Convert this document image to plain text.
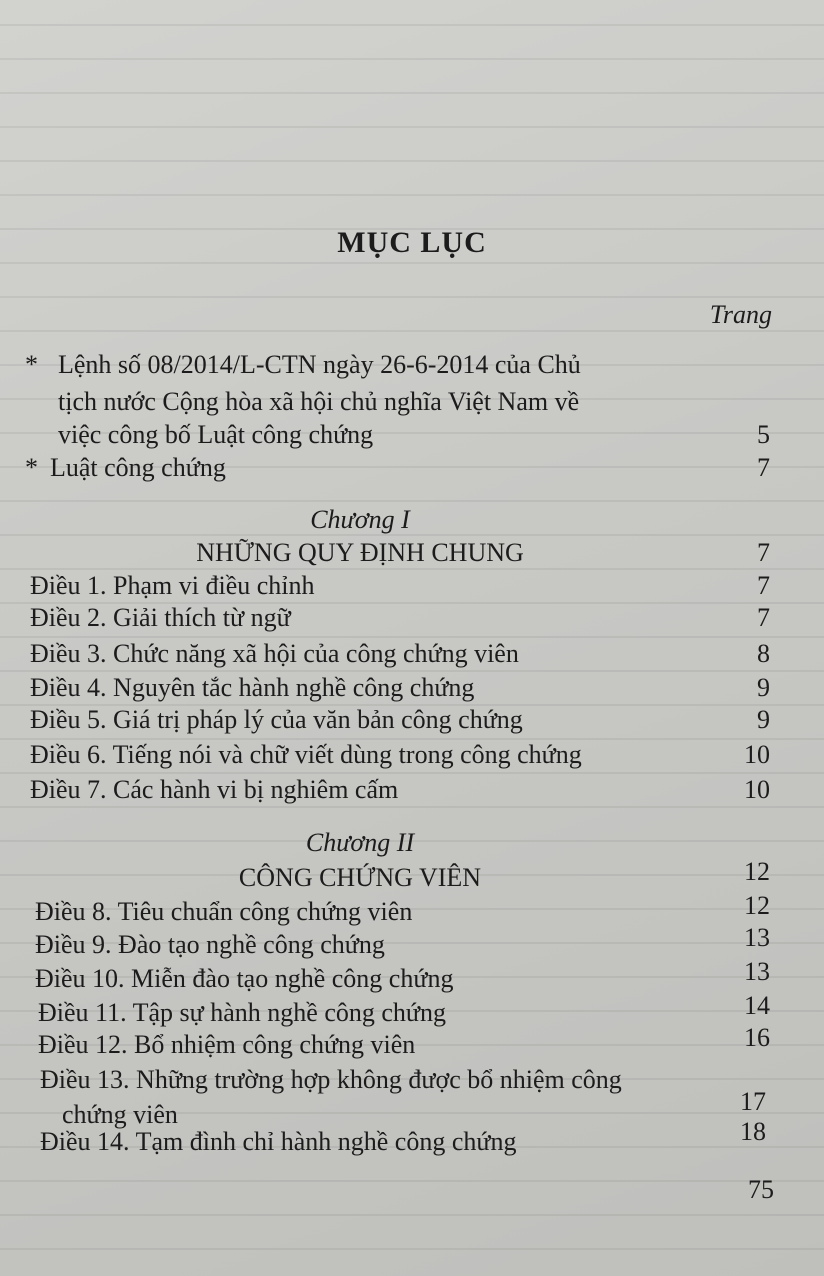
MỤC LỤC
Trang
* Lệnh số 08/2014/L-CTN ngày 26-6-2014 của Chủ
tịch nước Cộng hòa xã hội chủ nghĩa Việt Nam về
việc công bố Luật công chứng	5
* Luật công chứng	7
Chương I
NHỮNG QUY ĐỊNH CHUNG	7
Điều 1. Phạm vi điều chỉnh	7
Điều 2. Giải thích từ ngữ	7
Điều 3. Chức năng xã hội của công chứng viên	8
Điều 4. Nguyên tắc hành nghề công chứng	9
Điều 5. Giá trị pháp lý của văn bản công chứng	9
Điều 6. Tiếng nói và chữ viết dùng trong công chứng	10
Điều 7. Các hành vi bị nghiêm cấm	10
Chương II
CÔNG CHỨNG VIÊN	12
Điều 8. Tiêu chuẩn công chứng viên	12
Điều 9. Đào tạo nghề công chứng	13
Điều 10. Miễn đào tạo nghề công chứng	13
Điều 11. Tập sự hành nghề công chứng	14
Điều 12. Bổ nhiệm công chứng viên	16
Điều 13. Những trường hợp không được bổ nhiệm công
chứng viên	17
Điều 14. Tạm đình chỉ hành nghề công chứng	18
75
